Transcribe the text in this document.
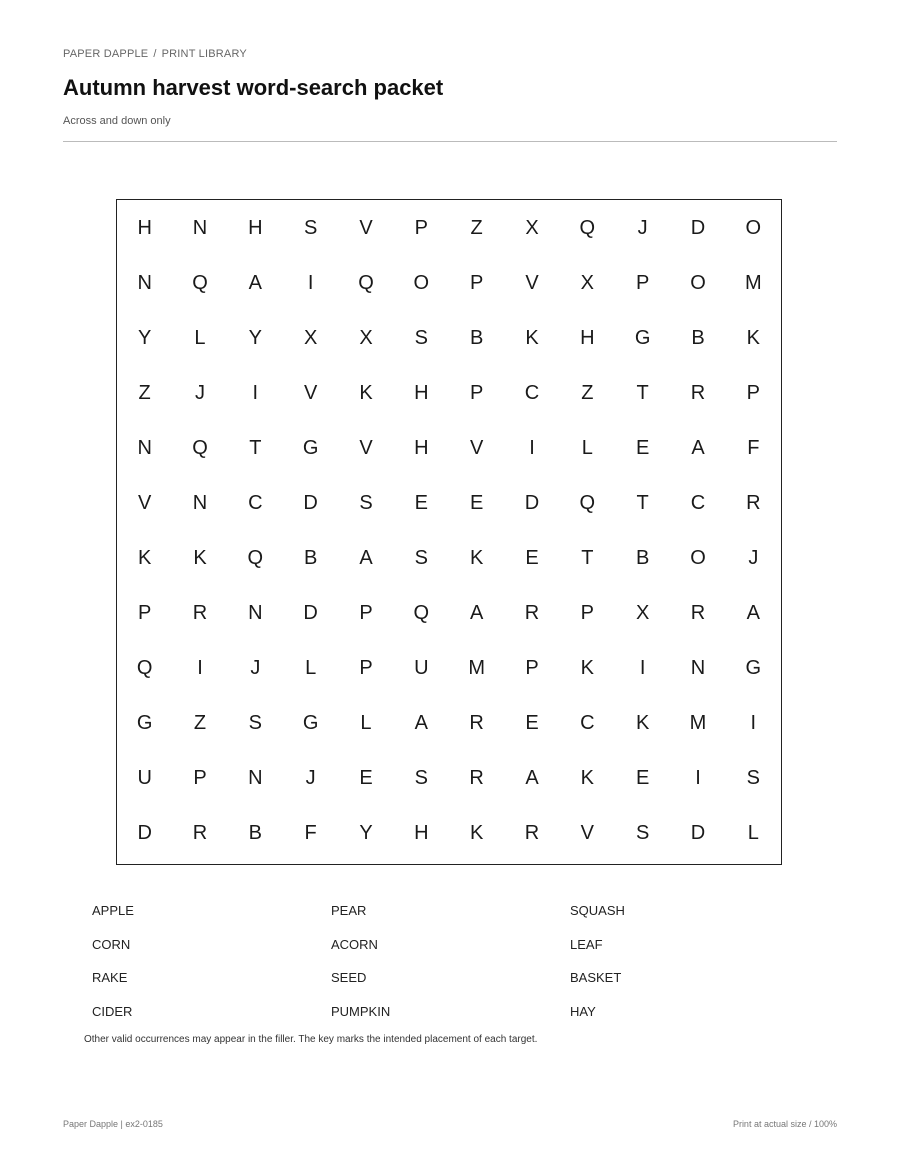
PAPER DAPPLE / PRINT LIBRARY
Autumn harvest word-search packet
Across and down only
H	N	H	S	V	P	Z	X	Q	J	D	O
N	Q	A	I	Q	O	P	V	X	P	O	M
Y	L	Y	X	X	S	B	K	H	G	B	K
Z	J	I	V	K	H	P	C	Z	T	R	P
N	Q	T	G	V	H	V	I	L	E	A	F
V	N	C	D	S	E	E	D	Q	T	C	R
K	K	Q	B	A	S	K	E	T	B	O	J
P	R	N	D	P	Q	A	R	P	X	R	A
Q	I	J	L	P	U	M	P	K	I	N	G
G	Z	S	G	L	A	R	E	C	K	M	I
U	P	N	J	E	S	R	A	K	E	I	S
D	R	B	F	Y	H	K	R	V	S	D	L
APPLE	PEAR	SQUASH
CORN	ACORN	LEAF
RAKE	SEED	BASKET
CIDER	PUMPKIN	HAY
Other valid occurrences may appear in the filler. The key marks the intended placement of each target.
Paper Dapple | ex2-0185	Print at actual size / 100%
